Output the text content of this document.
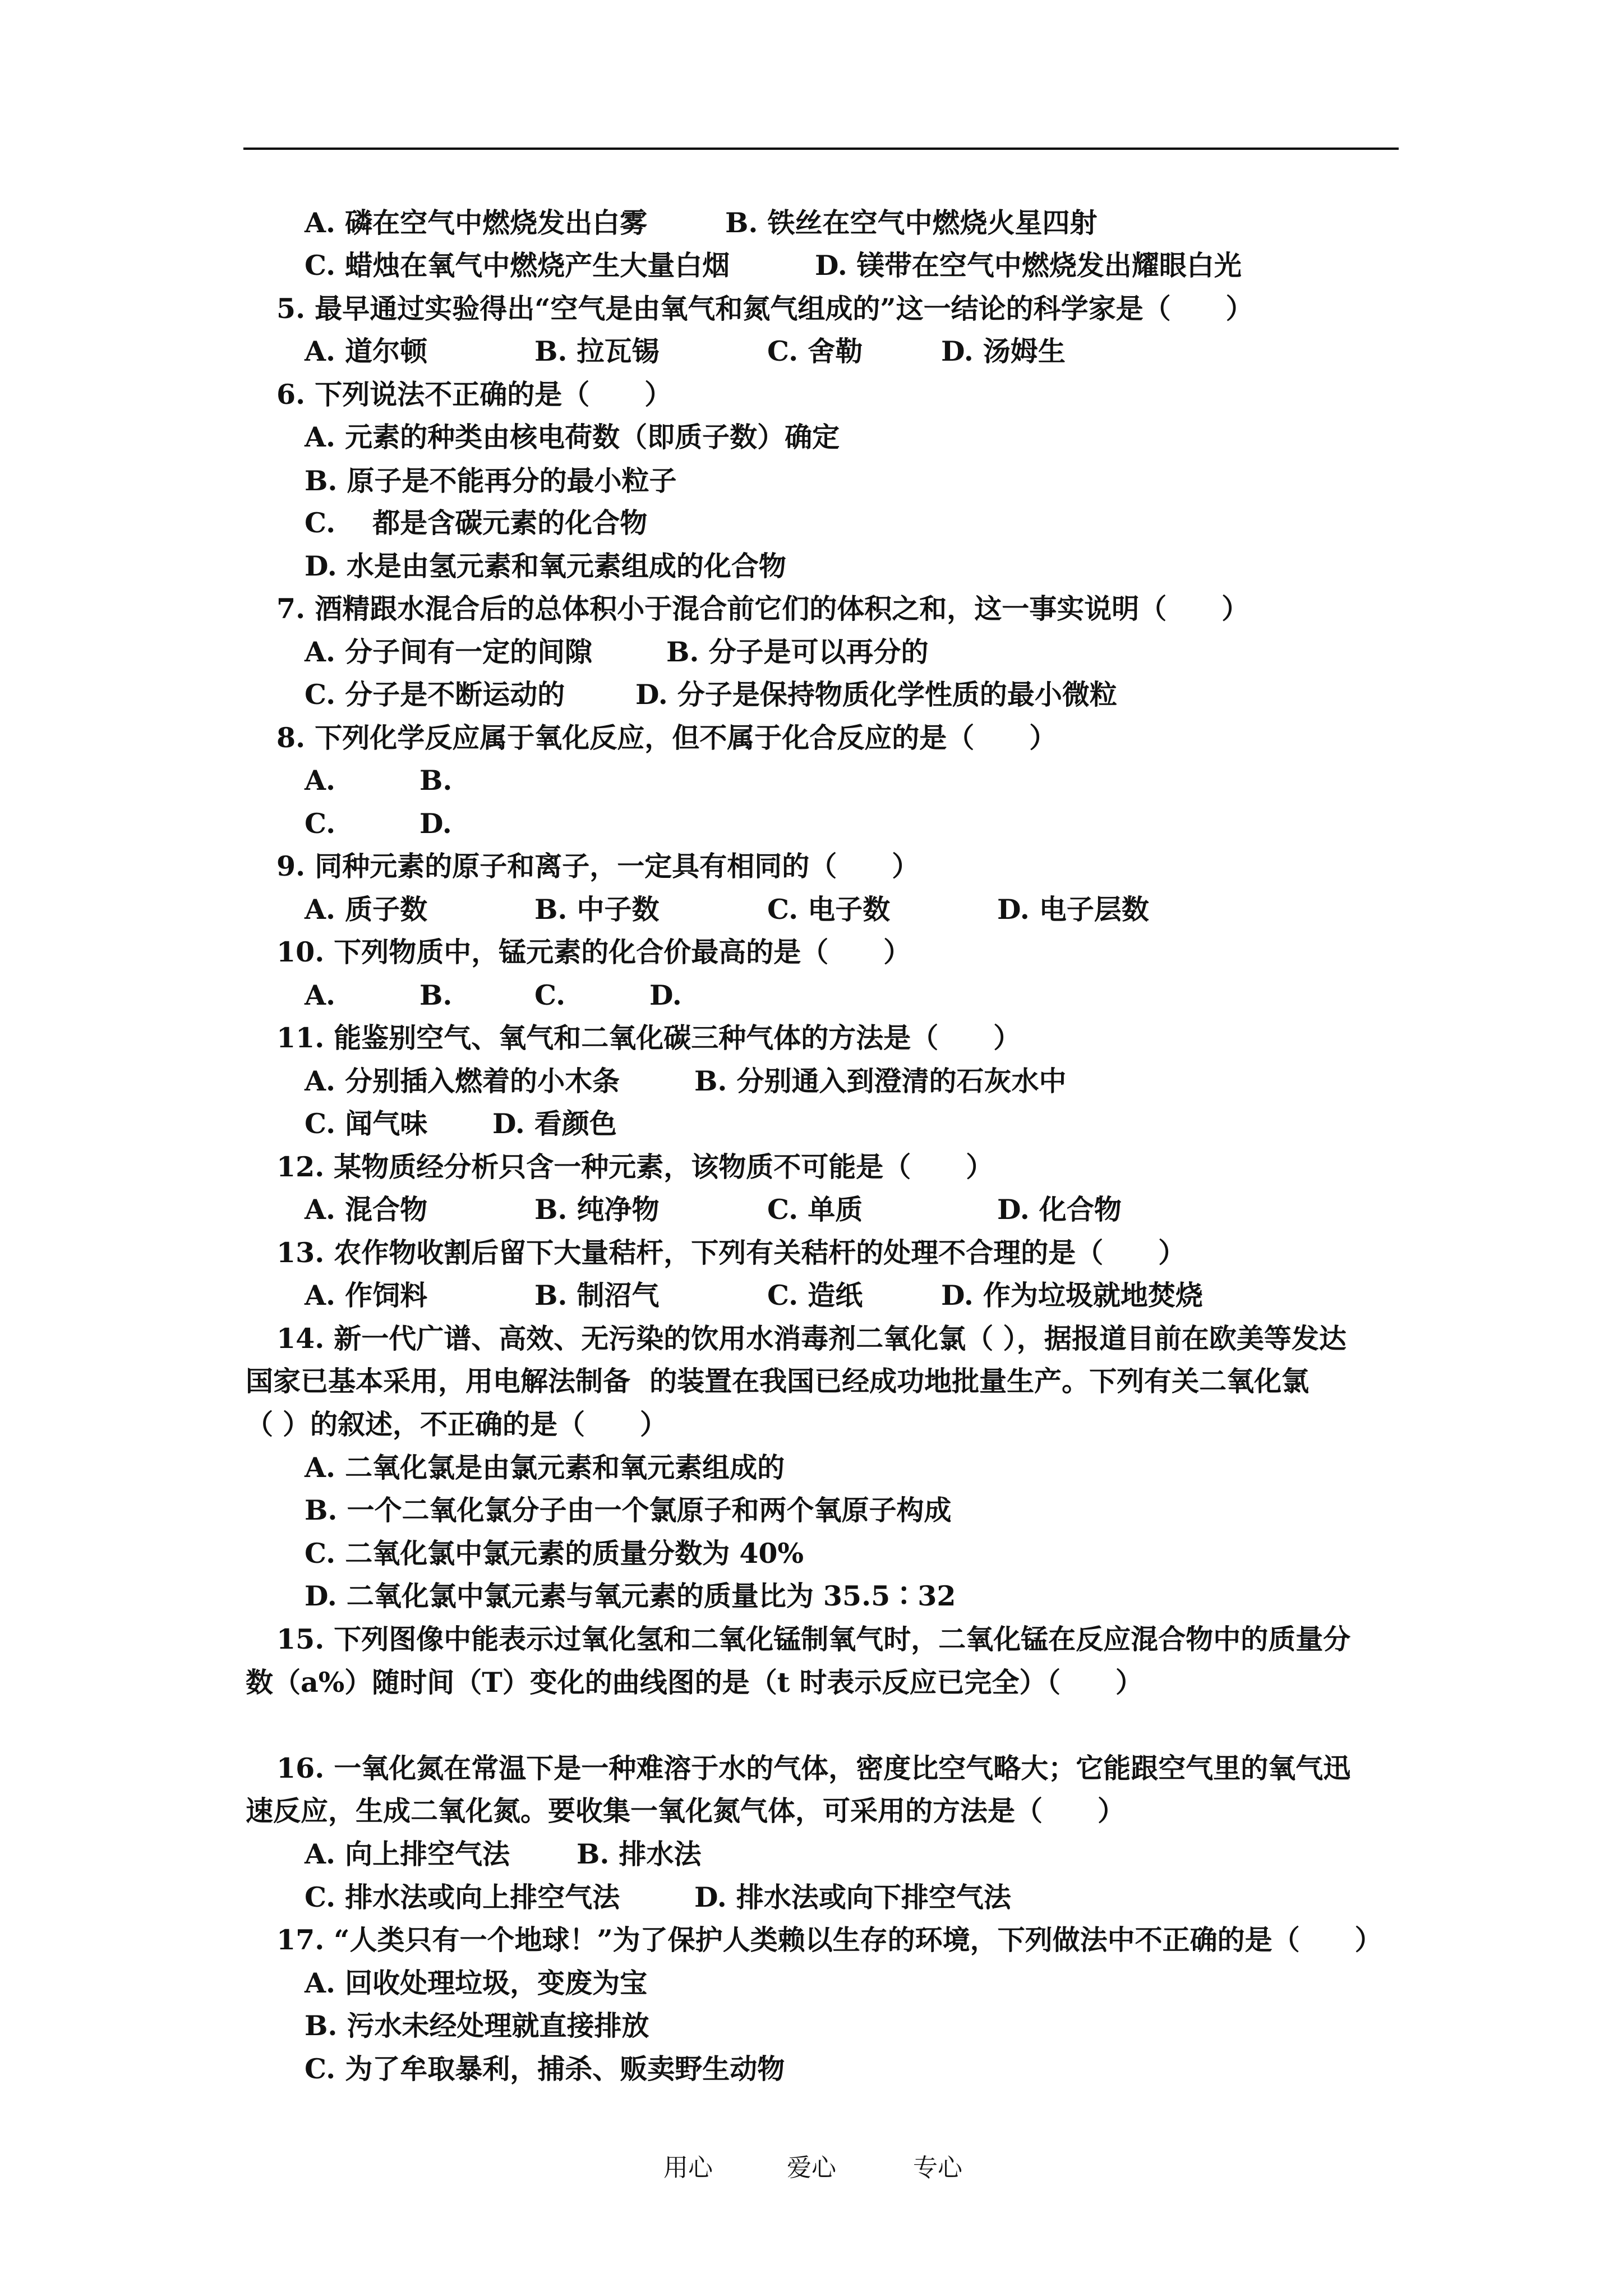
A. 磷在空气中燃烧发出白雾	B. 铁丝在空气中燃烧火星四射
C. 蜡烛在氧气中燃烧产生大量白烟	D. 镁带在空气中燃烧发出耀眼白光
5. 最早通过实验得出“空气是由氧气和氮气组成的”这一结论的科学家是（　　）
A. 道尔顿	B. 拉瓦锡	C. 舍勒	D. 汤姆生
6. 下列说法不正确的是（　　）
A. 元素的种类由核电荷数（即质子数）确定
B. 原子是不能再分的最小粒子
C. 　都是含碳元素的化合物
D. 水是由氢元素和氧元素组成的化合物
7. 酒精跟水混合后的总体积小于混合前它们的体积之和，这一事实说明（　　）
A. 分子间有一定的间隙	B. 分子是可以再分的
C. 分子是不断运动的	D. 分子是保持物质化学性质的最小微粒
8. 下列化学反应属于氧化反应，但不属于化合反应的是（　　）
A.	B.
C.	D.
9. 同种元素的原子和离子，一定具有相同的（　　）
A. 质子数	B. 中子数	C. 电子数	D. 电子层数
10. 下列物质中，锰元素的化合价最高的是（　　）
A.	B.	C.	D.
11. 能鉴别空气、氧气和二氧化碳三种气体的方法是（　　）
A. 分别插入燃着的小木条	B. 分别通入到澄清的石灰水中
C. 闻气味 D. 看颜色
12. 某物质经分析只含一种元素，该物质不可能是（　　）
A. 混合物	B. 纯净物	C. 单质	D. 化合物
13. 农作物收割后留下大量秸杆，下列有关秸杆的处理不合理的是（　　）
A. 作饲料	B. 制沼气	C. 造纸	D. 作为垃圾就地焚烧
14. 新一代广谱、高效、无污染的饮用水消毒剂二氧化氯（ ），据报道目前在欧美等发达
国家已基本采用，用电解法制备  的装置在我国已经成功地批量生产。下列有关二氧化氯
（ ）的叙述，不正确的是（　　）
A. 二氧化氯是由氯元素和氧元素组成的
B. 一个二氧化氯分子由一个氯原子和两个氧原子构成
C. 二氧化氯中氯元素的质量分数为 40%
D. 二氧化氯中氯元素与氧元素的质量比为 35.5∶32
15. 下列图像中能表示过氧化氢和二氧化锰制氧气时，二氧化锰在反应混合物中的质量分
数（a%）随时间（T）变化的曲线图的是（t 时表示反应已完全）（　　）
16. 一氧化氮在常温下是一种难溶于水的气体，密度比空气略大；它能跟空气里的氧气迅
速反应，生成二氧化氮。要收集一氧化氮气体，可采用的方法是（　　）
A. 向上排空气法 B. 排水法
C. 排水法或向上排空气法	D. 排水法或向下排空气法
17. “人类只有一个地球！”为了保护人类赖以生存的环境，下列做法中不正确的是（　　）
A. 回收处理垃圾，变废为宝
B. 污水未经处理就直接排放
C. 为了牟取暴利，捕杀、贩卖野生动物
用心	爱心	专心
